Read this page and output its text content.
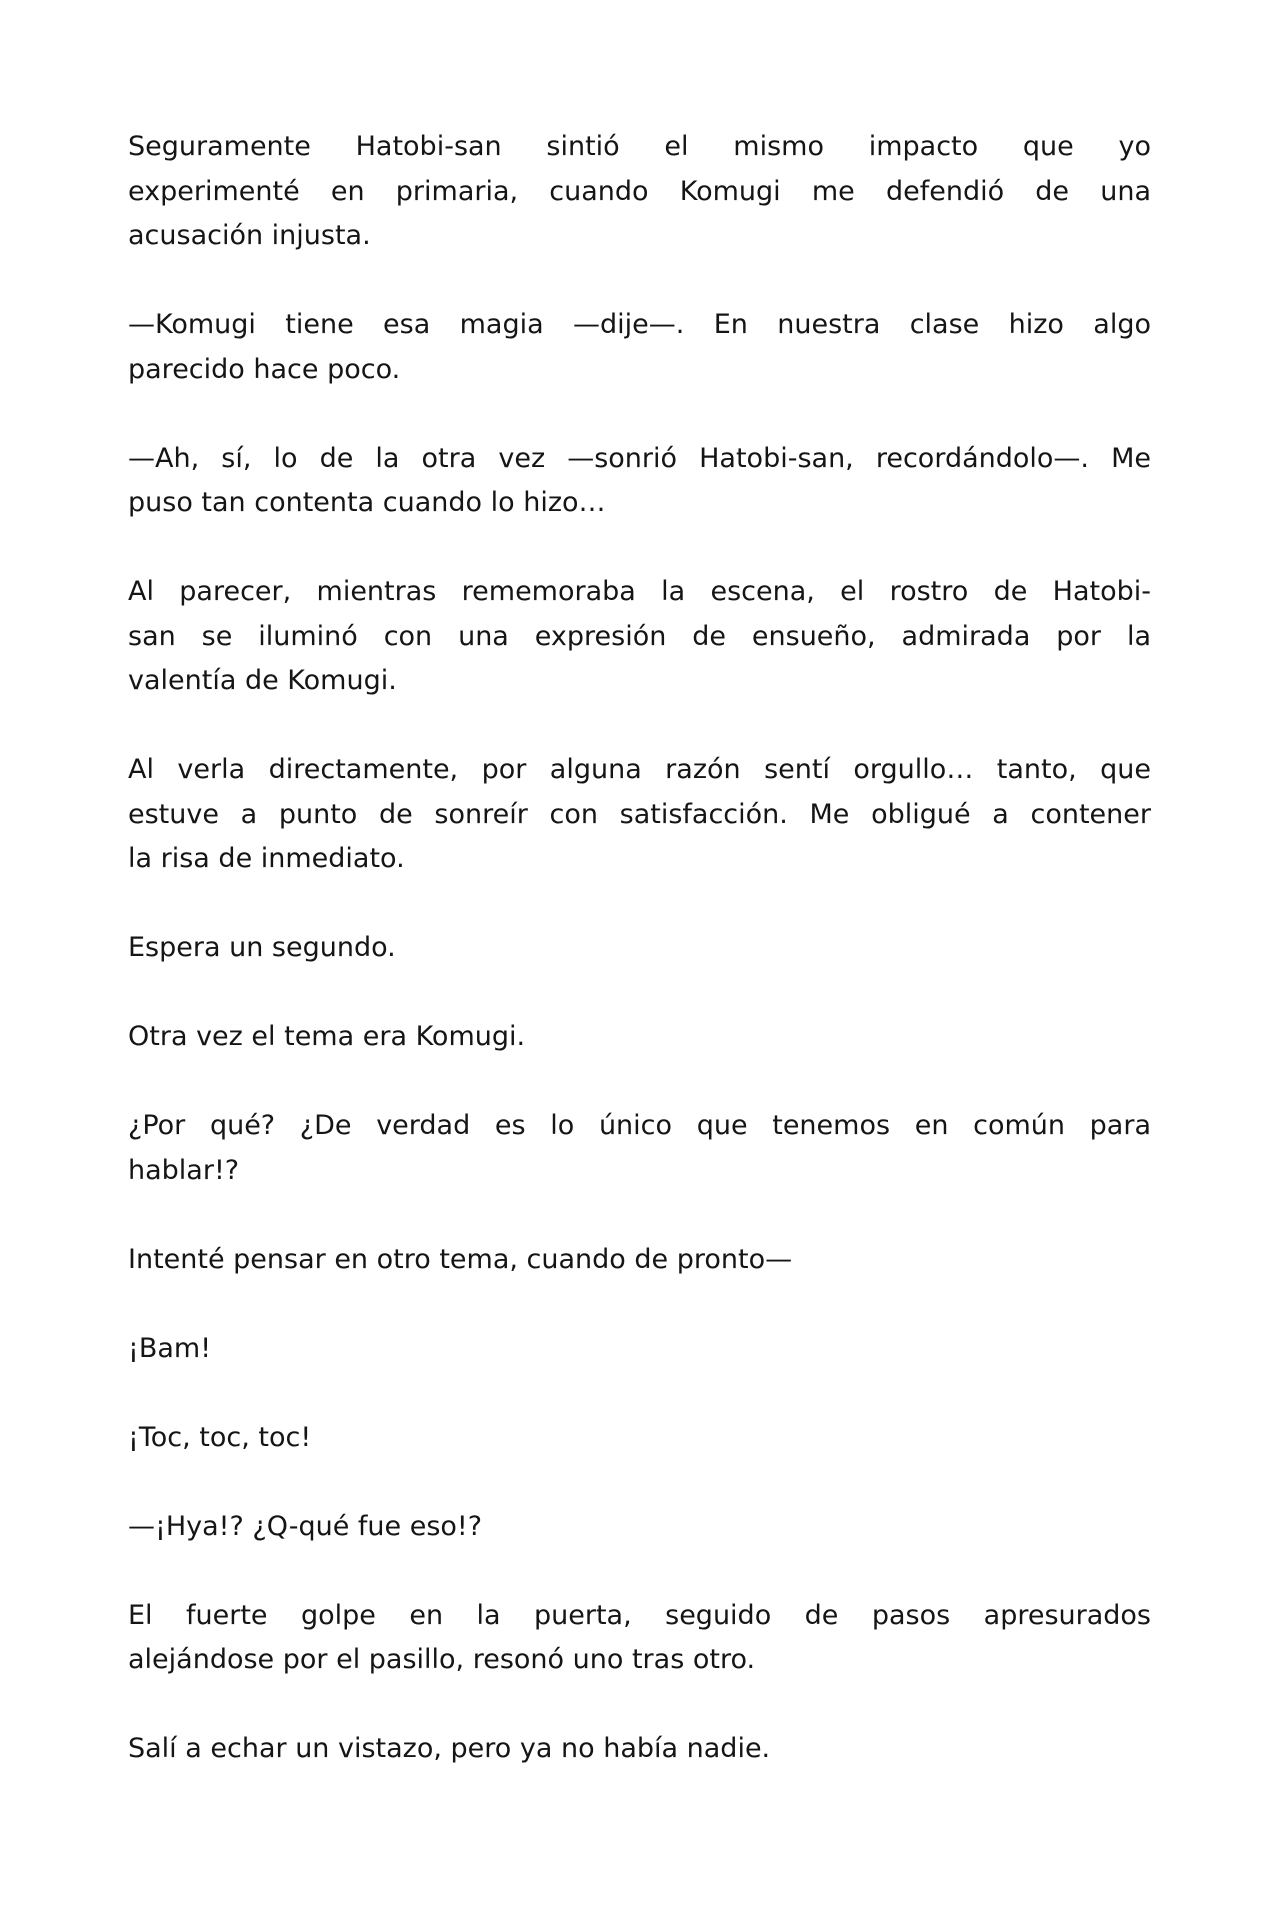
Seguramente Hatobi-san sintió el mismo impacto que yo
experimenté en primaria, cuando Komugi me defendió de una
acusación injusta.

—Komugi tiene esa magia —dije—. En nuestra clase hizo algo
parecido hace poco.

—Ah, sí, lo de la otra vez —sonrió Hatobi-san, recordándolo—. Me
puso tan contenta cuando lo hizo…

Al parecer, mientras rememoraba la escena, el rostro de Hatobi-
san se iluminó con una expresión de ensueño, admirada por la
valentía de Komugi.

Al verla directamente, por alguna razón sentí orgullo… tanto, que
estuve a punto de sonreír con satisfacción. Me obligué a contener
la risa de inmediato.

Espera un segundo.

Otra vez el tema era Komugi.

¿Por qué? ¿De verdad es lo único que tenemos en común para
hablar!?

Intenté pensar en otro tema, cuando de pronto—

¡Bam!

¡Toc, toc, toc!

—¡Hya!? ¿Q-qué fue eso!?

El fuerte golpe en la puerta, seguido de pasos apresurados
alejándose por el pasillo, resonó uno tras otro.

Salí a echar un vistazo, pero ya no había nadie.
